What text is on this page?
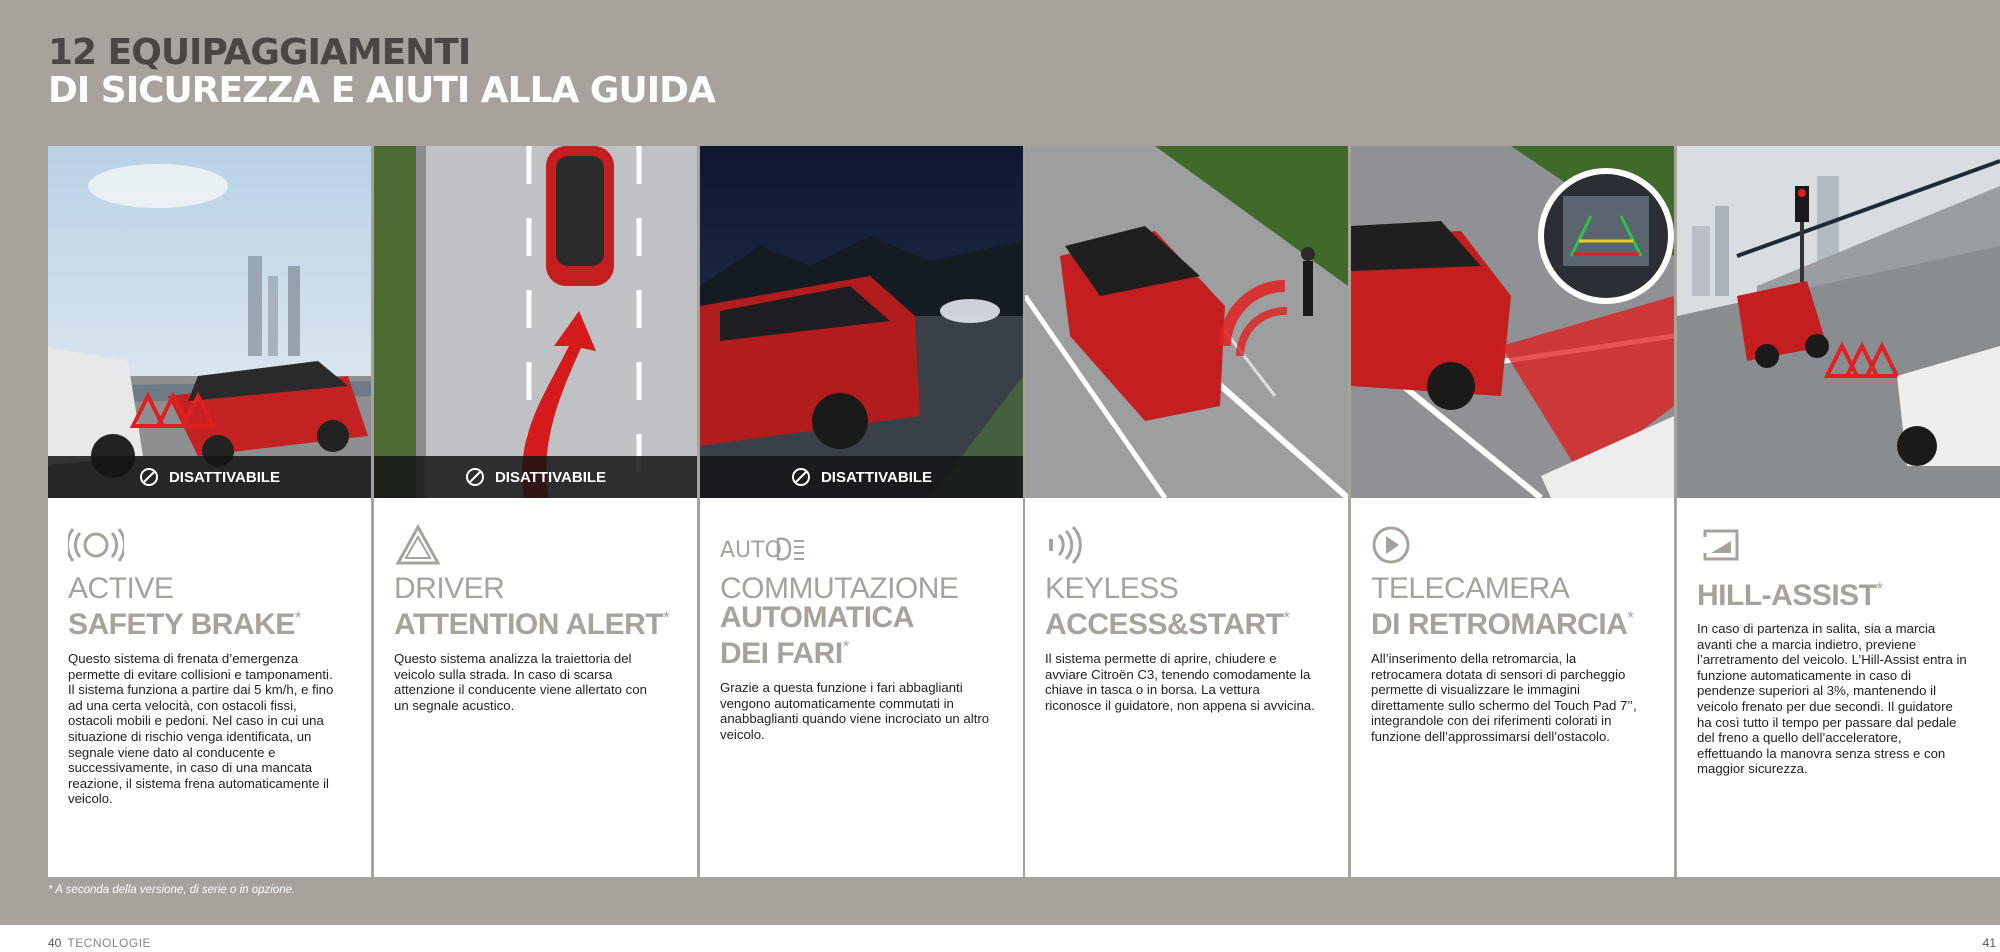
12 EQUIPAGGIAMENTI
DI SICUREZZA E AIUTI ALLA GUIDA
DISATTIVABILE
ACTIVE
SAFETY BRAKE*
Questo sistema di frenata d’emergenza permette di evitare collisioni e tamponamenti. Il sistema funziona a partire dai 5 km/h, e fino ad una certa velocità, con ostacoli fissi, ostacoli mobili e pedoni. Nel caso in cui una situazione di rischio venga identificata, un segnale viene dato al conducente e successivamente, in caso di una mancata reazione, il sistema frena automaticamente il veicolo.
DISATTIVABILE
DRIVER
ATTENTION ALERT*
Questo sistema analizza la traiettoria del veicolo sulla strada. In caso di scarsa attenzione il conducente viene allertato con un segnale acustico.
DISATTIVABILE
AUTO
COMMUTAZIONE
AUTOMATICA
DEI FARI*
Grazie a questa funzione i fari abbaglianti vengono automaticamente commutati in anabbaglianti quando viene incrociato un altro veicolo.
KEYLESS
ACCESS&START*
Il sistema permette di aprire, chiudere e avviare Citroën C3, tenendo comodamente la chiave in tasca o in borsa. La vettura riconosce il guidatore, non appena si avvicina.
TELECAMERA
DI RETROMARCIA*
All’inserimento della retromarcia, la retrocamera dotata di sensori di parcheggio permette di visualizzare le immagini direttamente sullo schermo del Touch Pad 7’’, integrandole con dei riferimenti colorati in funzione dell’approssimarsi dell’ostacolo.
HILL-ASSIST*
In caso di partenza in salita, sia a marcia avanti che a marcia indietro, previene l’arretramento del veicolo. L’Hill-Assist entra in funzione automaticamente in caso di pendenze superiori al 3%, mantenendo il veicolo frenato per due secondi. Il guidatore ha così tutto il tempo per passare dal pedale del freno a quello dell’acceleratore, effettuando la manovra senza stress e con maggior sicurezza.
* A seconda della versione, di serie o in opzione.
40 TECNOLOGIE	41
